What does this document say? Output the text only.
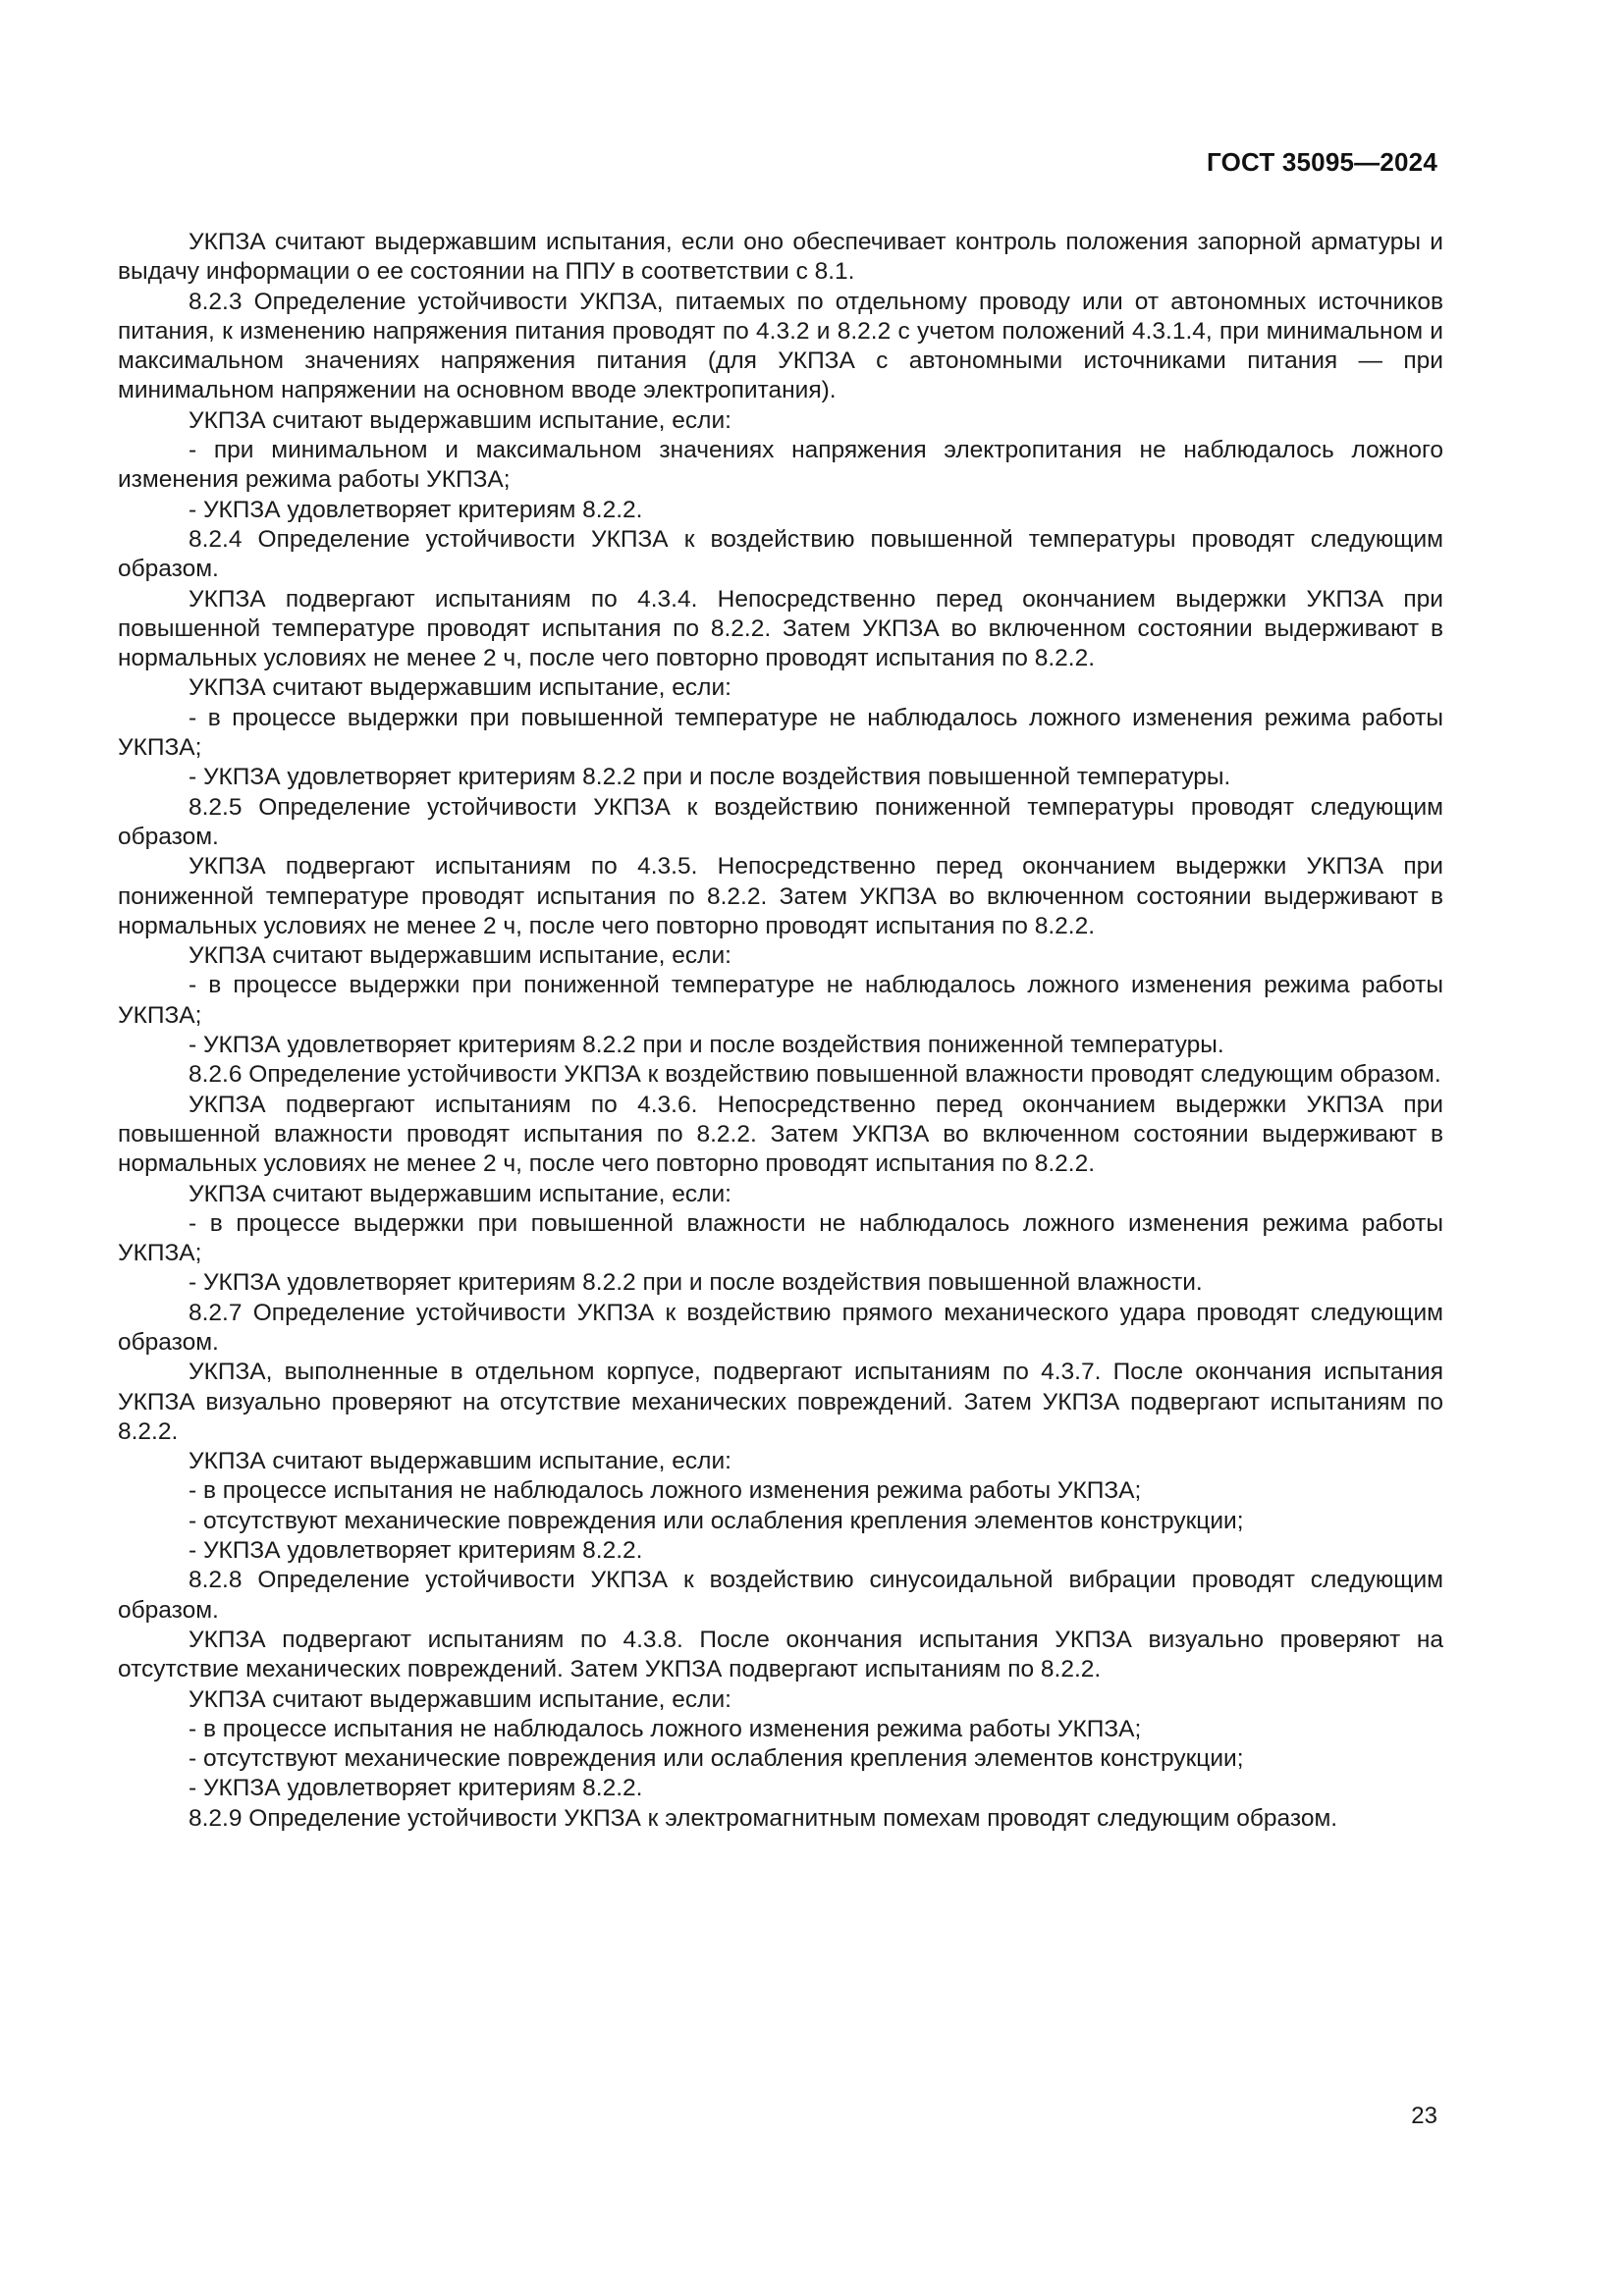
ГОСТ 35095—2024

УКПЗА считают выдержавшим испытания, если оно обеспечивает контроль положения запорной арматуры и выдачу информации о ее состоянии на ППУ в соответствии с 8.1.

8.2.3 Определение устойчивости УКПЗА, питаемых по отдельному проводу или от автономных источников питания, к изменению напряжения питания проводят по 4.3.2 и 8.2.2 с учетом положений 4.3.1.4, при минимальном и максимальном значениях напряжения питания (для УКПЗА с автономными источниками питания — при минимальном напряжении на основном вводе электропитания).

УКПЗА считают выдержавшим испытание, если:

- при минимальном и максимальном значениях напряжения электропитания не наблюдалось ложного изменения режима работы УКПЗА;

- УКПЗА удовлетворяет критериям 8.2.2.

8.2.4 Определение устойчивости УКПЗА к воздействию повышенной температуры проводят следующим образом.

УКПЗА подвергают испытаниям по 4.3.4. Непосредственно перед окончанием выдержки УКПЗА при повышенной температуре проводят испытания по 8.2.2. Затем УКПЗА во включенном состоянии выдерживают в нормальных условиях не менее 2 ч, после чего повторно проводят испытания по 8.2.2.

УКПЗА считают выдержавшим испытание, если:

- в процессе выдержки при повышенной температуре не наблюдалось ложного изменения режима работы УКПЗА;

- УКПЗА удовлетворяет критериям 8.2.2 при и после воздействия повышенной температуры.

8.2.5 Определение устойчивости УКПЗА к воздействию пониженной температуры проводят следующим образом.

УКПЗА подвергают испытаниям по 4.3.5. Непосредственно перед окончанием выдержки УКПЗА при пониженной температуре проводят испытания по 8.2.2. Затем УКПЗА во включенном состоянии выдерживают в нормальных условиях не менее 2 ч, после чего повторно проводят испытания по 8.2.2.

УКПЗА считают выдержавшим испытание, если:

- в процессе выдержки при пониженной температуре не наблюдалось ложного изменения режима работы УКПЗА;

- УКПЗА удовлетворяет критериям 8.2.2 при и после воздействия пониженной температуры.

8.2.6 Определение устойчивости УКПЗА к воздействию повышенной влажности проводят следующим образом.

УКПЗА подвергают испытаниям по 4.3.6. Непосредственно перед окончанием выдержки УКПЗА при повышенной влажности проводят испытания по 8.2.2. Затем УКПЗА во включенном состоянии выдерживают в нормальных условиях не менее 2 ч, после чего повторно проводят испытания по 8.2.2.

УКПЗА считают выдержавшим испытание, если:

- в процессе выдержки при повышенной влажности не наблюдалось ложного изменения режима работы УКПЗА;

- УКПЗА удовлетворяет критериям 8.2.2 при и после воздействия повышенной влажности.

8.2.7 Определение устойчивости УКПЗА к воздействию прямого механического удара проводят следующим образом.

УКПЗА, выполненные в отдельном корпусе, подвергают испытаниям по 4.3.7. После окончания испытания УКПЗА визуально проверяют на отсутствие механических повреждений. Затем УКПЗА подвергают испытаниям по 8.2.2.

УКПЗА считают выдержавшим испытание, если:

- в процессе испытания не наблюдалось ложного изменения режима работы УКПЗА;

- отсутствуют механические повреждения или ослабления крепления элементов конструкции;

- УКПЗА удовлетворяет критериям 8.2.2.

8.2.8 Определение устойчивости УКПЗА к воздействию синусоидальной вибрации проводят следующим образом.

УКПЗА подвергают испытаниям по 4.3.8. После окончания испытания УКПЗА визуально проверяют на отсутствие механических повреждений. Затем УКПЗА подвергают испытаниям по 8.2.2.

УКПЗА считают выдержавшим испытание, если:

- в процессе испытания не наблюдалось ложного изменения режима работы УКПЗА;

- отсутствуют механические повреждения или ослабления крепления элементов конструкции;

- УКПЗА удовлетворяет критериям 8.2.2.

8.2.9 Определение устойчивости УКПЗА к электромагнитным помехам проводят следующим образом.

23
